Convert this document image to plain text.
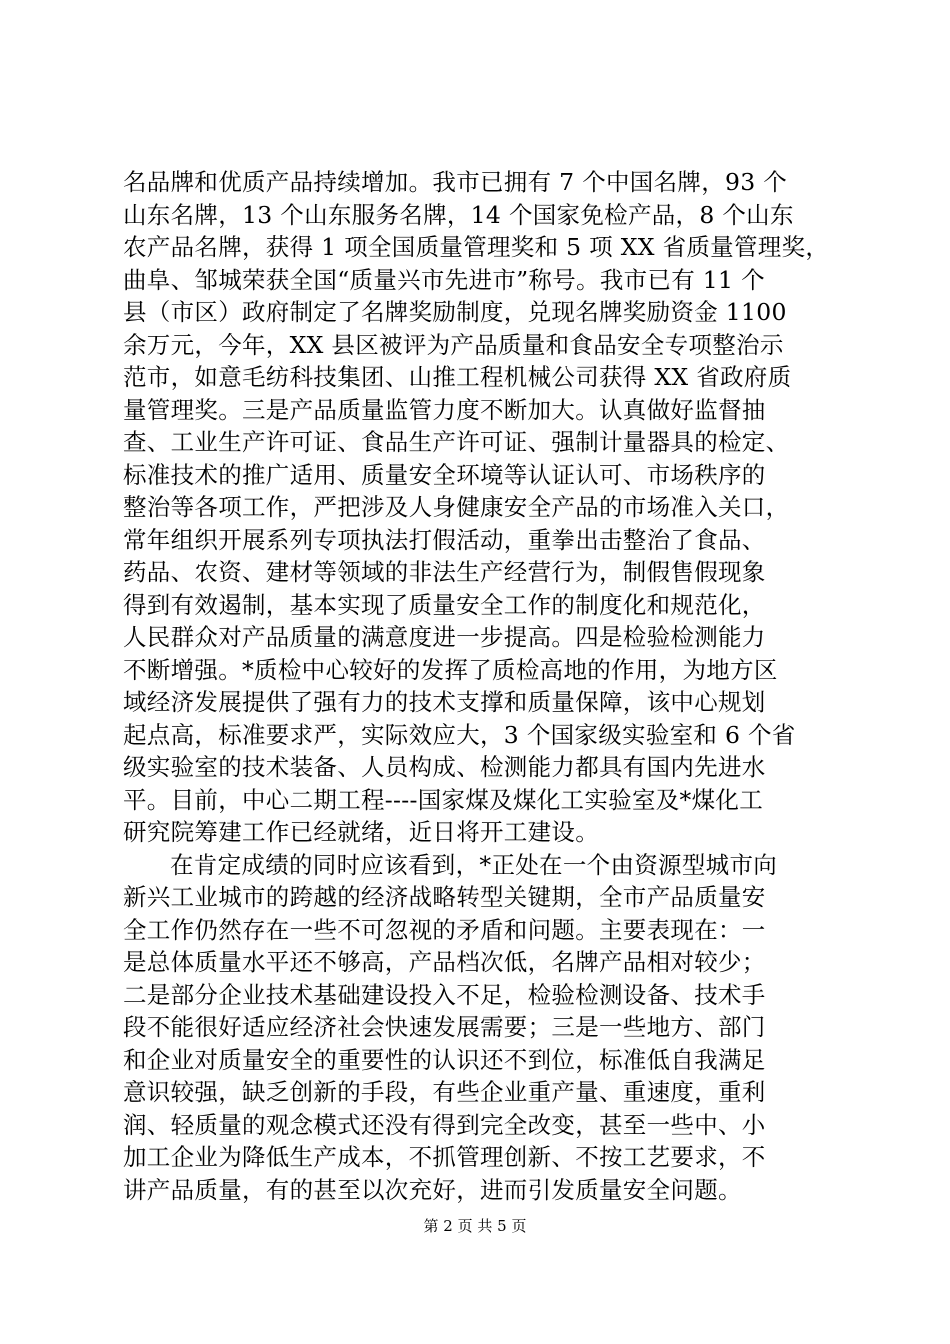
名品牌和优质产品持续增加。我市已拥有 7 个中国名牌，93 个
山东名牌，13 个山东服务名牌，14 个国家免检产品，8 个山东
农产品名牌，获得 1 项全国质量管理奖和 5 项 XX 省质量管理奖，
曲阜、邹城荣获全国“质量兴市先进市”称号。我市已有 11 个
县（市区）政府制定了名牌奖励制度，兑现名牌奖励资金 1100
余万元，今年，XX 县区被评为产品质量和食品安全专项整治示
范市，如意毛纺科技集团、山推工程机械公司获得 XX 省政府质
量管理奖。三是产品质量监管力度不断加大。认真做好监督抽
查、工业生产许可证、食品生产许可证、强制计量器具的检定、
标准技术的推广适用、质量安全环境等认证认可、市场秩序的
整治等各项工作，严把涉及人身健康安全产品的市场准入关口，
常年组织开展系列专项执法打假活动，重拳出击整治了食品、
药品、农资、建材等领域的非法生产经营行为，制假售假现象
得到有效遏制，基本实现了质量安全工作的制度化和规范化，
人民群众对产品质量的满意度进一步提高。四是检验检测能力
不断增强。*质检中心较好的发挥了质检高地的作用，为地方区
域经济发展提供了强有力的技术支撑和质量保障，该中心规划
起点高，标准要求严，实际效应大，3 个国家级实验室和 6 个省
级实验室的技术装备、人员构成、检测能力都具有国内先进水
平。目前，中心二期工程----国家煤及煤化工实验室及*煤化工
研究院筹建工作已经就绪，近日将开工建设。
在肯定成绩的同时应该看到，*正处在一个由资源型城市向
新兴工业城市的跨越的经济战略转型关键期，全市产品质量安
全工作仍然存在一些不可忽视的矛盾和问题。主要表现在：一
是总体质量水平还不够高，产品档次低，名牌产品相对较少；
二是部分企业技术基础建设投入不足，检验检测设备、技术手
段不能很好适应经济社会快速发展需要；三是一些地方、部门
和企业对质量安全的重要性的认识还不到位，标准低自我满足
意识较强，缺乏创新的手段，有些企业重产量、重速度，重利
润、轻质量的观念模式还没有得到完全改变，甚至一些中、小
加工企业为降低生产成本，不抓管理创新、不按工艺要求，不
讲产品质量，有的甚至以次充好，进而引发质量安全问题。
第 2 页 共 5 页
